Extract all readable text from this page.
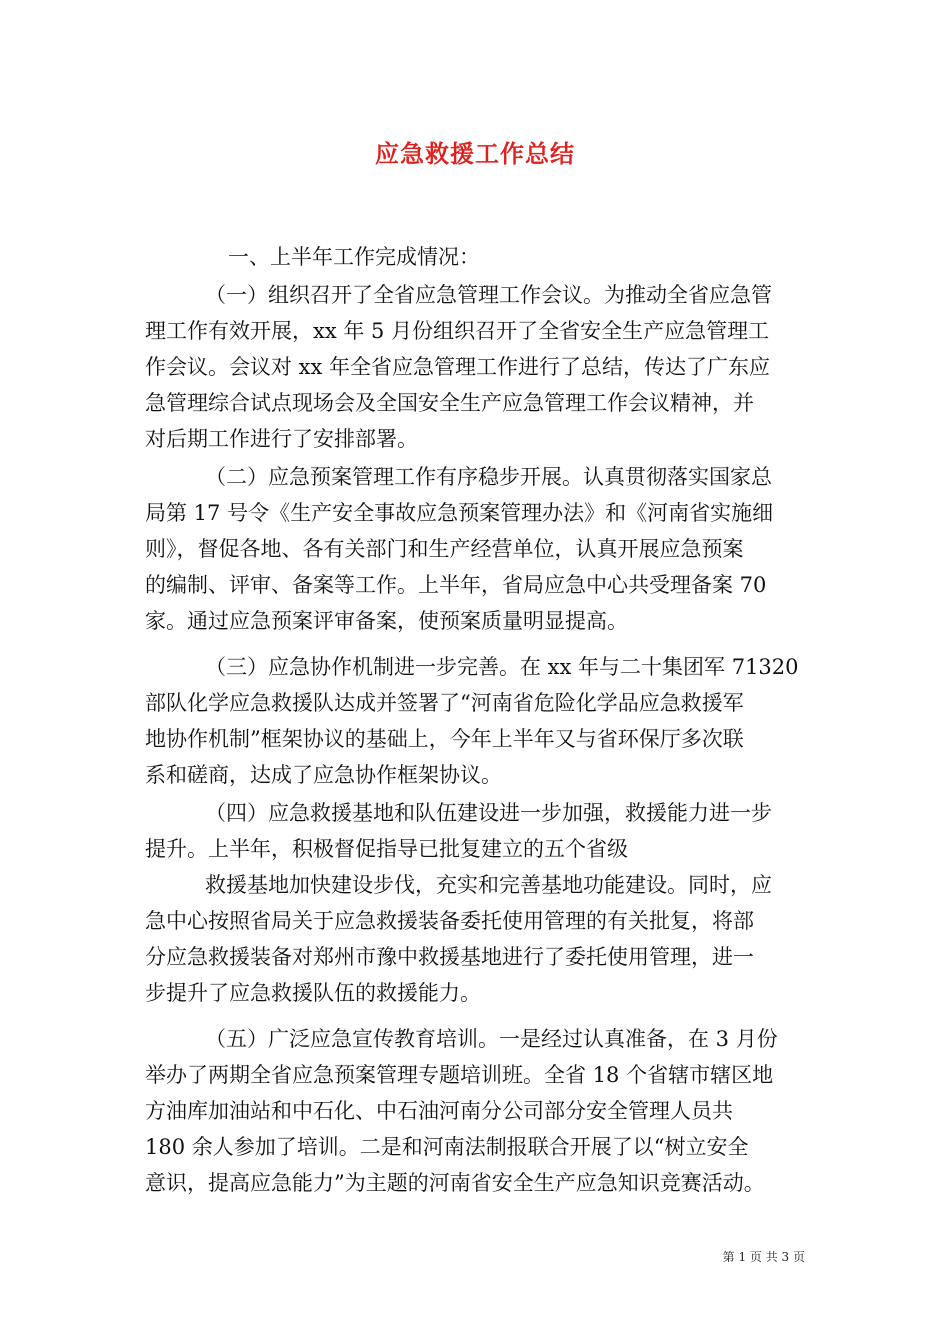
应急救援工作总结
一、上半年工作完成情况：
（一）组织召开了全省应急管理工作会议。为推动全省应急管
理工作有效开展，xx 年 5 月份组织召开了全省安全生产应急管理工
作会议。会议对 xx 年全省应急管理工作进行了总结，传达了广东应
急管理综合试点现场会及全国安全生产应急管理工作会议精神，并
对后期工作进行了安排部署。
（二）应急预案管理工作有序稳步开展。认真贯彻落实国家总
局第 17 号令《生产安全事故应急预案管理办法》和《河南省实施细
则》，督促各地、各有关部门和生产经营单位，认真开展应急预案
的编制、评审、备案等工作。上半年，省局应急中心共受理备案 70
家。通过应急预案评审备案，使预案质量明显提高。
（三）应急协作机制进一步完善。在 xx 年与二十集团军 71320
部队化学应急救援队达成并签署了“河南省危险化学品应急救援军
地协作机制”框架协议的基础上，今年上半年又与省环保厅多次联
系和磋商，达成了应急协作框架协议。
（四）应急救援基地和队伍建设进一步加强，救援能力进一步
提升。上半年，积极督促指导已批复建立的五个省级
救援基地加快建设步伐，充实和完善基地功能建设。同时，应
急中心按照省局关于应急救援装备委托使用管理的有关批复，将部
分应急救援装备对郑州市豫中救援基地进行了委托使用管理，进一
步提升了应急救援队伍的救援能力。
（五）广泛应急宣传教育培训。一是经过认真准备，在 3 月份
举办了两期全省应急预案管理专题培训班。全省 18 个省辖市辖区地
方油库加油站和中石化、中石油河南分公司部分安全管理人员共
180 余人参加了培训。二是和河南法制报联合开展了以“树立安全
意识，提高应急能力”为主题的河南省安全生产应急知识竞赛活动。
第 1 页 共 3 页
